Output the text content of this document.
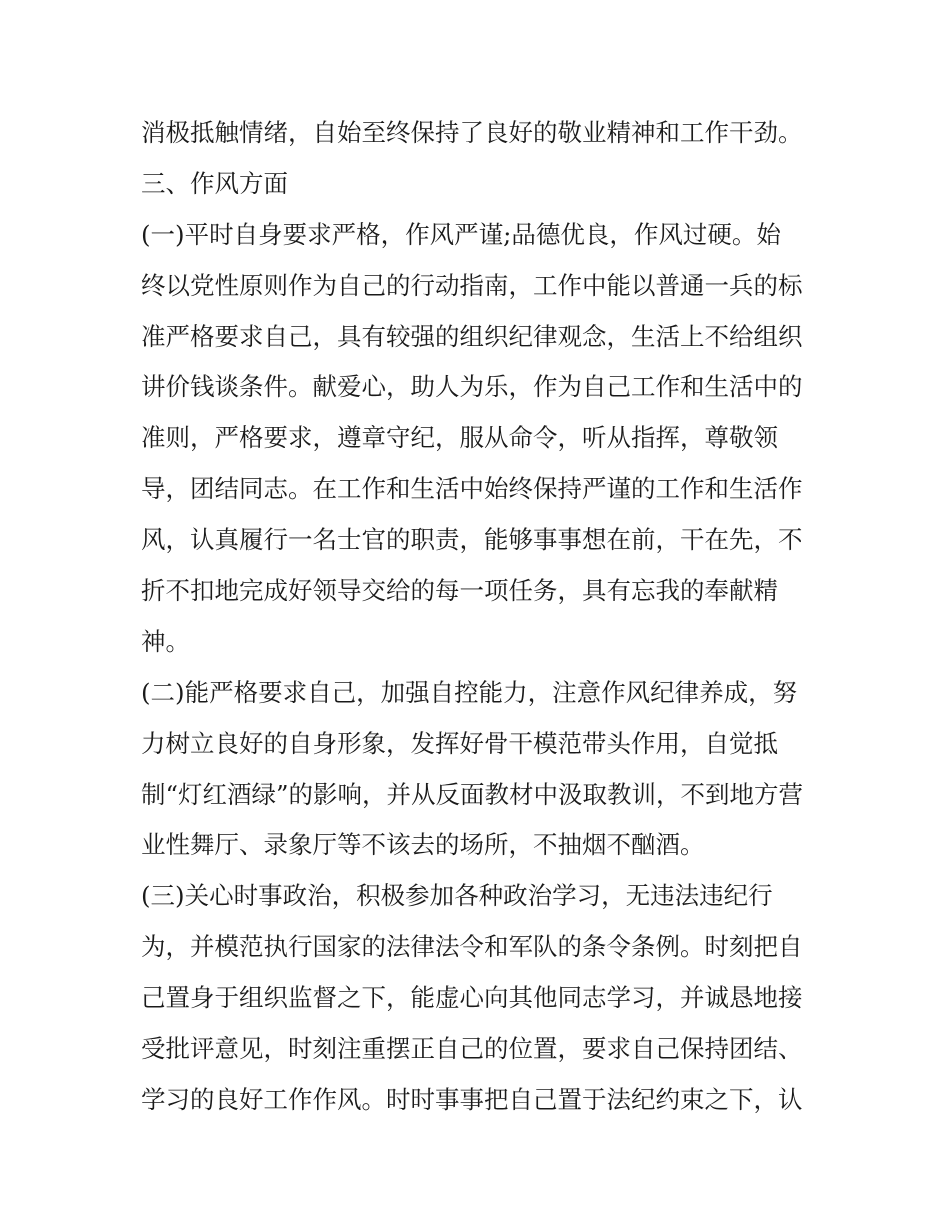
消极抵触情绪，自始至终保持了良好的敬业精神和工作干劲。
三、作风方面
(一)平时自身要求严格，作风严谨;品德优良，作风过硬。始
终以党性原则作为自己的行动指南，工作中能以普通一兵的标
准严格要求自己，具有较强的组织纪律观念，生活上不给组织
讲价钱谈条件。献爱心，助人为乐，作为自己工作和生活中的
准则，严格要求，遵章守纪，服从命令，听从指挥，尊敬领
导，团结同志。在工作和生活中始终保持严谨的工作和生活作
风，认真履行一名士官的职责，能够事事想在前，干在先，不
折不扣地完成好领导交给的每一项任务，具有忘我的奉献精
神。
(二)能严格要求自己，加强自控能力，注意作风纪律养成，努
力树立良好的自身形象，发挥好骨干模范带头作用，自觉抵
制“灯红酒绿”的影响，并从反面教材中汲取教训，不到地方营
业性舞厅、录象厅等不该去的场所，不抽烟不酗酒。
(三)关心时事政治，积极参加各种政治学习，无违法违纪行
为，并模范执行国家的法律法令和军队的条令条例。时刻把自
己置身于组织监督之下，能虚心向其他同志学习，并诚恳地接
受批评意见，时刻注重摆正自己的位置，要求自己保持团结、
学习的良好工作作风。时时事事把自己置于法纪约束之下，认
